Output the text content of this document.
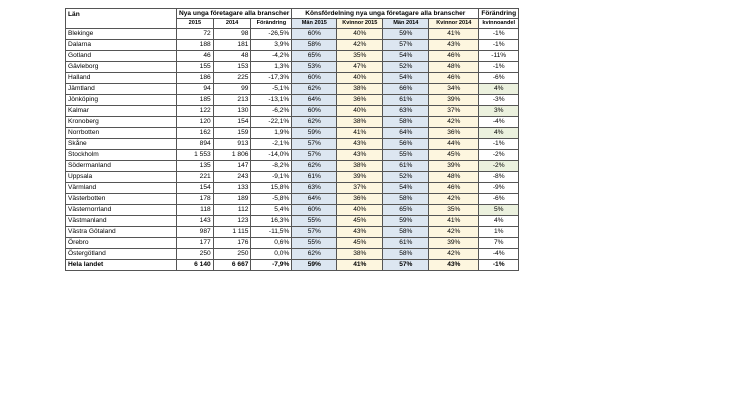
Län	Nya unga företagare alla branscher			Könsfördelning nya unga företagare alla branscher				Förändring
	2015	2014	Förändring	Män 2015	Kvinnor 2015	Män 2014	Kvinnor 2014	kvinnoandel
Blekinge	72	98	-26,5%	60%	40%	59%	41%	-1%
Dalarna	188	181	3,9%	58%	42%	57%	43%	-1%
Gotland	46	48	-4,2%	65%	35%	54%	46%	-11%
Gävleborg	155	153	1,3%	53%	47%	52%	48%	-1%
Halland	186	225	-17,3%	60%	40%	54%	46%	-6%
Jämtland	94	99	-5,1%	62%	38%	66%	34%	4%
Jönköping	185	213	-13,1%	64%	36%	61%	39%	-3%
Kalmar	122	130	-6,2%	60%	40%	63%	37%	3%
Kronoberg	120	154	-22,1%	62%	38%	58%	42%	-4%
Norrbotten	162	159	1,9%	59%	41%	64%	36%	4%
Skåne	894	913	-2,1%	57%	43%	56%	44%	-1%
Stockholm	1 553	1 806	-14,0%	57%	43%	55%	45%	-2%
Södermanland	135	147	-8,2%	62%	38%	61%	39%	-2%
Uppsala	221	243	-9,1%	61%	39%	52%	48%	-8%
Värmland	154	133	15,8%	63%	37%	54%	46%	-9%
Västerbotten	178	189	-5,8%	64%	36%	58%	42%	-6%
Västernorrland	118	112	5,4%	60%	40%	65%	35%	5%
Västmanland	143	123	16,3%	55%	45%	59%	41%	4%
Västra Götaland	987	1 115	-11,5%	57%	43%	58%	42%	1%
Örebro	177	176	0,6%	55%	45%	61%	39%	7%
Östergötland	250	250	0,0%	62%	38%	58%	42%	-4%
Hela landet	6 140	6 667	-7,9%	59%	41%	57%	43%	-1%
